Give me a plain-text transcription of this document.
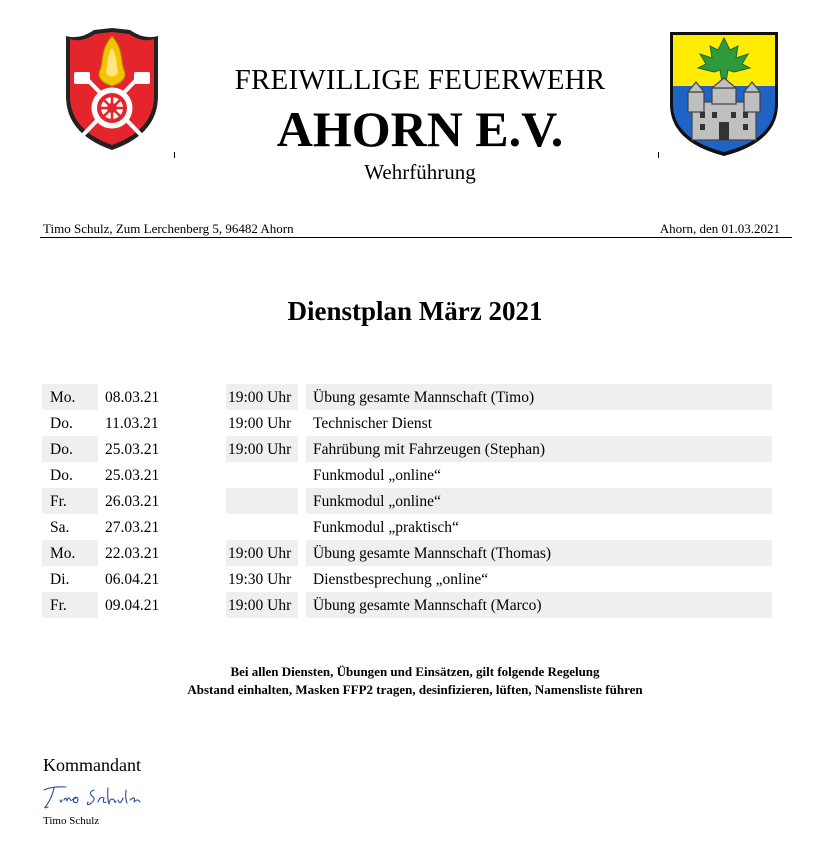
FREIWILLIGE FEUERWEHR
AHORN E.V.
Wehrführung
Timo Schulz, Zum Lerchenberg 5, 96482 Ahorn	Ahorn, den 01.03.2021
Dienstplan März 2021
Mo. 08.03.21	19:00 Uhr Übung gesamte Mannschaft (Timo)
Do. 11.03.21	19:00 Uhr Technischer Dienst
Do. 25.03.21	19:00 Uhr Fahrübung mit Fahrzeugen (Stephan)
Do. 25.03.21	Funkmodul „online“
Fr. 26.03.21	Funkmodul „online“
Sa. 27.03.21	Funkmodul „praktisch“
Mo. 22.03.21	19:00 Uhr Übung gesamte Mannschaft (Thomas)
Di. 06.04.21	19:30 Uhr Dienstbesprechung „online“
Fr. 09.04.21	19:00 Uhr Übung gesamte Mannschaft (Marco)
Bei allen Diensten, Übungen und Einsätzen, gilt folgende Regelung
Abstand einhalten, Masken FFP2 tragen, desinfizieren, lüften, Namensliste führen
Kommandant
Timo Schulz
